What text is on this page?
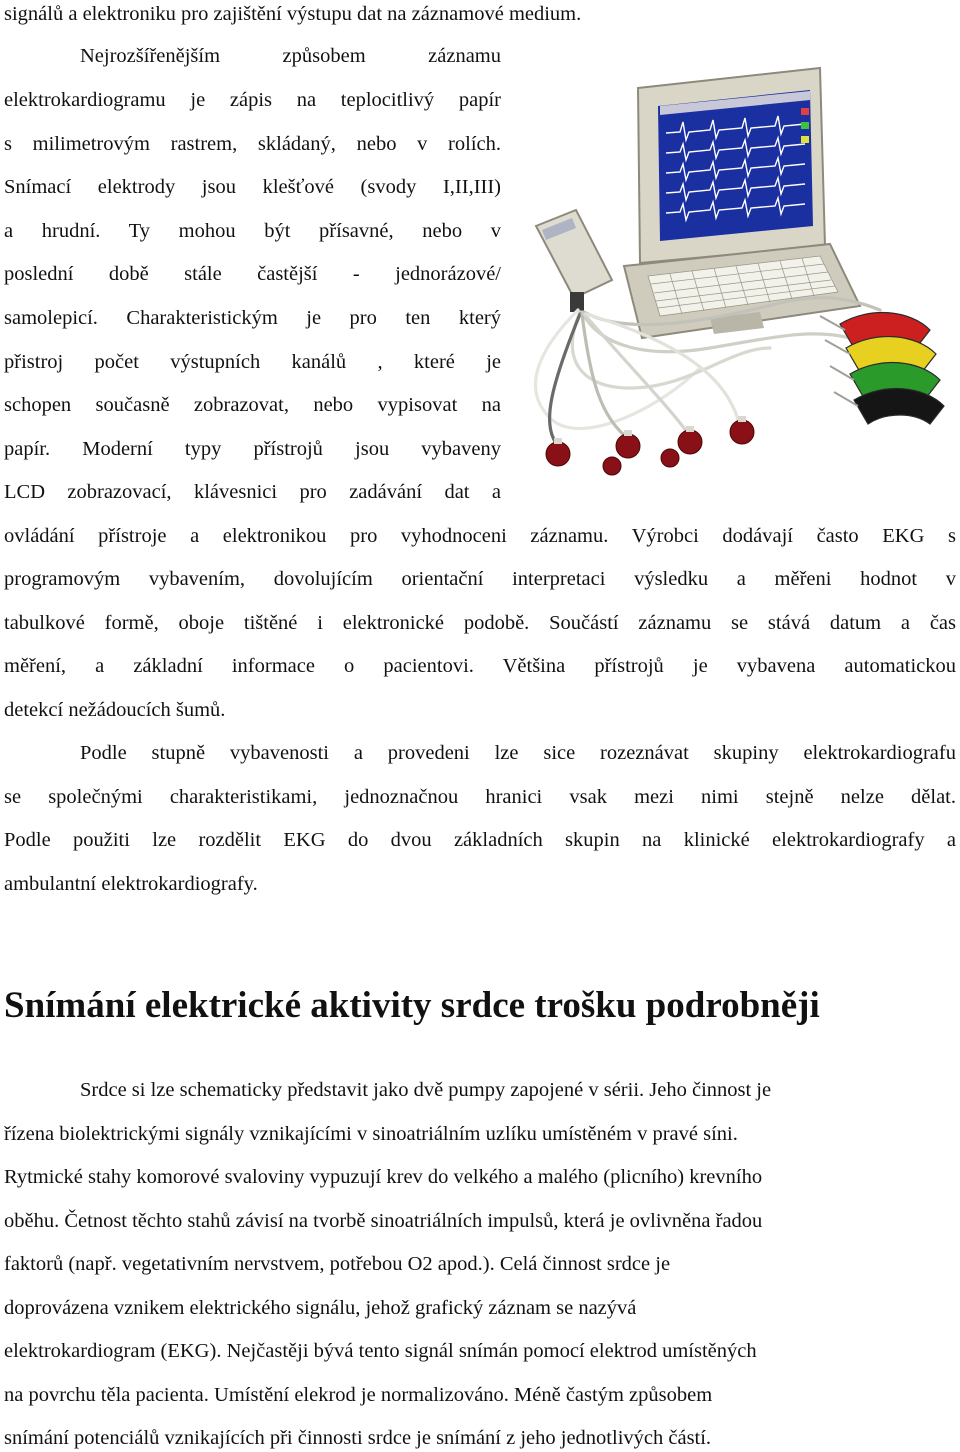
signálů a elektroniku pro zajištění výstupu dat na záznamové medium.
Nejrozšířenějším způsobem záznamu
elektrokardiogramu je zápis na teplocitlivý papír
s milimetrovým rastrem, skládaný, nebo v rolích.
Snímací elektrody jsou klešťové (svody I,II,III)
a hrudní. Ty mohou být přísavné, nebo v
poslední době stále častější - jednorázové/
samolepicí. Charakteristickým je pro ten který
přistroj počet výstupních kanálů , které je
schopen současně zobrazovat, nebo vypisovat na
papír. Moderní typy přístrojů jsou vybaveny
LCD zobrazovací, klávesnici pro zadávání dat a
ovládání přístroje a elektronikou pro vyhodnoceni záznamu. Výrobci dodávají často EKG s
programovým vybavením, dovolujícím orientační interpretaci výsledku a měřeni hodnot v
tabulkové formě, oboje tištěné i elektronické podobě. Součástí záznamu se stává datum a čas
měření, a základní informace o pacientovi. Většina přístrojů je vybavena automatickou
detekcí nežádoucích šumů.
Podle stupně vybavenosti a provedeni lze sice rozeznávat skupiny elektrokardiografu
se společnými charakteristikami, jednoznačnou hranici vsak mezi nimi stejně nelze dělat.
Podle použiti lze rozdělit EKG do dvou základních skupin na klinické elektrokardiografy a
ambulantní elektrokardiografy.
Snímání elektrické aktivity srdce trošku podrobněji
Srdce si lze schematicky představit jako dvě pumpy zapojené v sérii. Jeho činnost je
řízena biolektrickými signály vznikajícími v sinoatriálním uzlíku umístěném v pravé síni.
Rytmické stahy komorové svaloviny vypuzují krev do velkého a malého (plicního) krevního
oběhu. Četnost těchto stahů závisí na tvorbě sinoatriálních impulsů, která je ovlivněna řadou
faktorů (např. vegetativním nervstvem, potřebou O2 apod.). Celá činnost srdce je
doprovázena vznikem elektrického signálu, jehož grafický záznam se nazývá
elektrokardiogram (EKG). Nejčastěji bývá tento signál snímán pomocí elektrod umístěných
na povrchu těla pacienta. Umístění elekrod je normalizováno. Méně častým způsobem
snímání potenciálů vznikajících při činnosti srdce je snímání z jeho jednotlivých částí.
